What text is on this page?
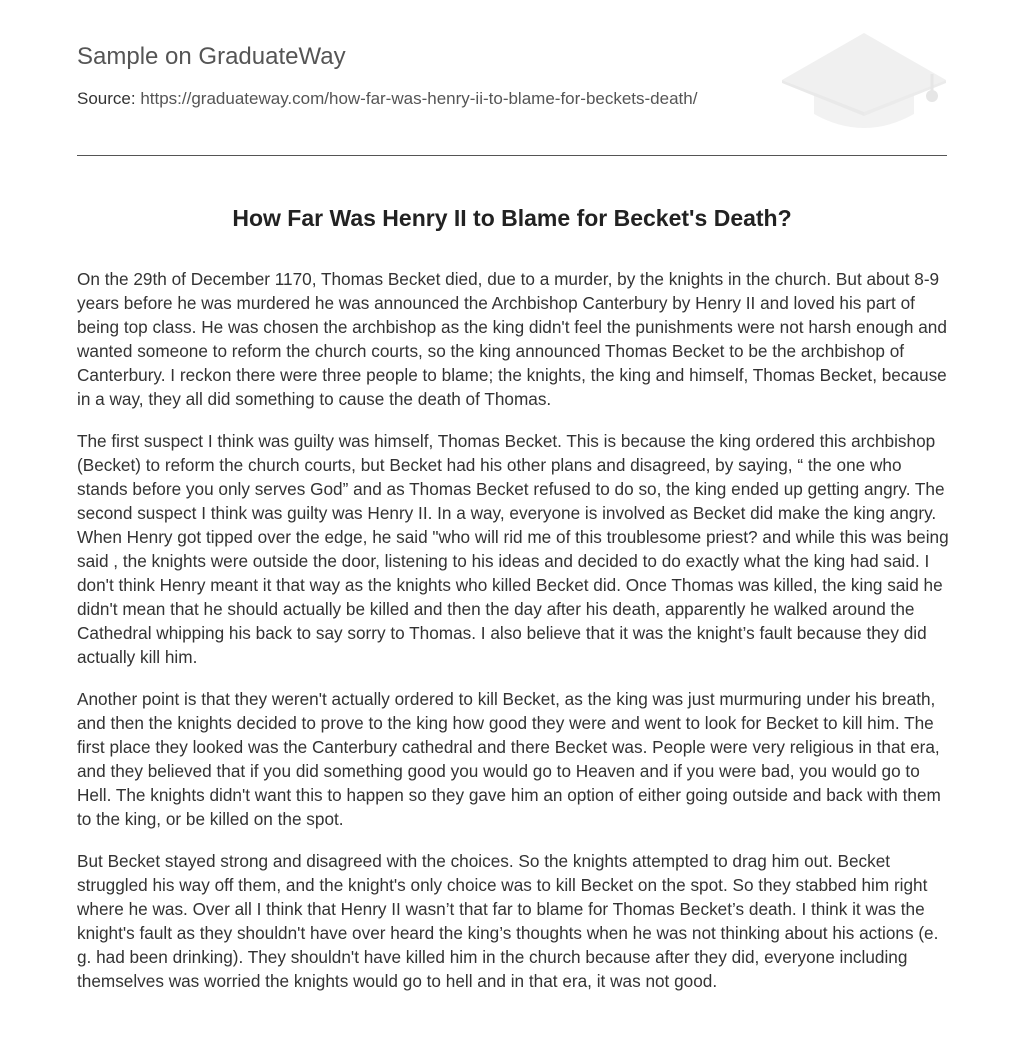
Sample on GraduateWay
Source: https://graduateway.com/how-far-was-henry-ii-to-blame-for-beckets-death/
How Far Was Henry II to Blame for Becket's Death?

On the 29th of December 1170, Thomas Becket died, due to a murder, by the knights in the church. But about 8-9 years before he was murdered he was announced the Archbishop Canterbury by Henry II and loved his part of being top class. He was chosen the archbishop as the king didn't feel the punishments were not harsh enough and wanted someone to reform the church courts, so the king announced Thomas Becket to be the archbishop of Canterbury. I reckon there were three people to blame; the knights, the king and himself, Thomas Becket, because in a way, they all did something to cause the death of Thomas.

The first suspect I think was guilty was himself, Thomas Becket. This is because the king ordered this archbishop (Becket) to reform the church courts, but Becket had his other plans and disagreed, by saying, “ the one who stands before you only serves God” and as Thomas Becket refused to do so, the king ended up getting angry. The second suspect I think was guilty was Henry II. In a way, everyone is involved as Becket did make the king angry. When Henry got tipped over the edge, he said "who will rid me of this troublesome priest? and while this was being said , the knights were outside the door, listening to his ideas and decided to do exactly what the king had said. I don't think Henry meant it that way as the knights who killed Becket did. Once Thomas was killed, the king said he didn't mean that he should actually be killed and then the day after his death, apparently he walked around the Cathedral whipping his back to say sorry to Thomas. I also believe that it was the knight’s fault because they did actually kill him.

Another point is that they weren't actually ordered to kill Becket, as the king was just murmuring under his breath, and then the knights decided to prove to the king how good they were and went to look for Becket to kill him. The first place they looked was the Canterbury cathedral and there Becket was. People were very religious in that era, and they believed that if you did something good you would go to Heaven and if you were bad, you would go to Hell. The knights didn't want this to happen so they gave him an option of either going outside and back with them to the king, or be killed on the spot.

But Becket stayed strong and disagreed with the choices. So the knights attempted to drag him out. Becket struggled his way off them, and the knight's only choice was to kill Becket on the spot. So they stabbed him right where he was. Over all I think that Henry II wasn’t that far to blame for Thomas Becket’s death. I think it was the knight's fault as they shouldn't have over heard the king’s thoughts when he was not thinking about his actions (e. g. had been drinking). They shouldn't have killed him in the church because after they did, everyone including themselves was worried the knights would go to hell and in that era, it was not good.
